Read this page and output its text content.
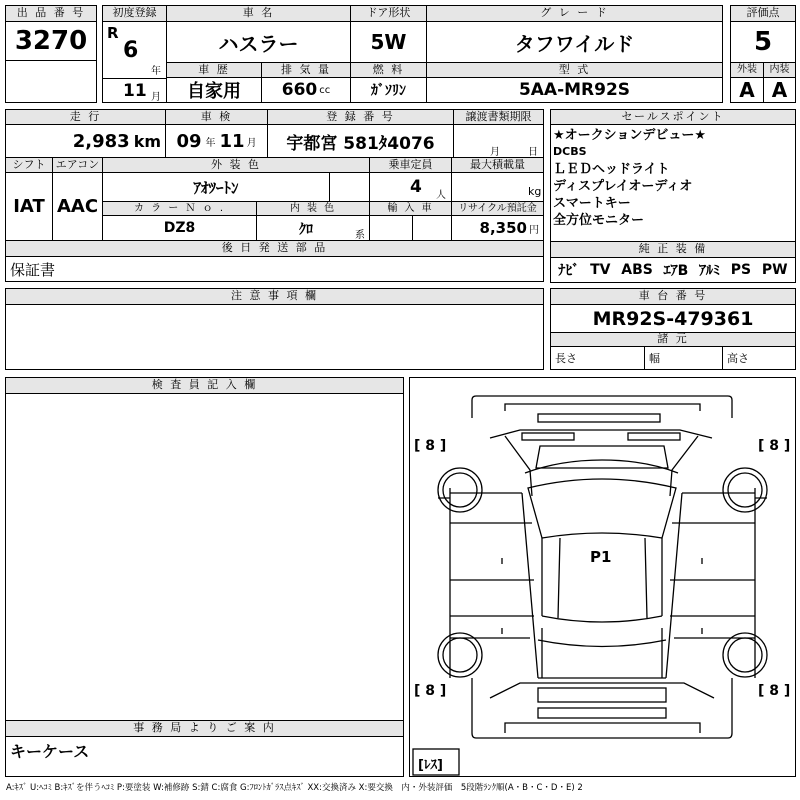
出 品 番 号
3270
初度登録
R
6
年
11 月
車 名
ハスラー
ドア形状
5W
グ レ ー ド
タフワイルド
評価点
5
車 歴
自家用
排 気 量
660 cc
燃 料
ｶﾞｿﾘﾝ
型 式
5AA-MR92S
外装
A
内装
A
走 行
2,983 km
車 検
09 年 11 月
登 録 番 号
宇都宮 581ﾀ4076
譲渡書類期限
月	日
シフト
IAT
エアコン
AAC
外 装 色
ｱｵﾂｰﾄﾝ
乗車定員
4 人
最大積載量
kg
カ ラ ー Ｎ ｏ .
DZ8
内 装 色
ｸﾛ	系
輸 入 車	リサイクル預託金
8,350 円
後 日 発 送 部 品
保証書
セールスポイント
★オークションデビュー★
DCBS
ＬＥＤヘッドライト
ディスプレイオーディオ
スマートキー
全方位モニター
純 正 装 備
ﾅﾋﾞ TV ABS ｴｱB ｱﾙﾐ PS PW
注 意 事 項 欄	車 台 番 号
MR92S-479361
諸 元
長さ	幅	高さ
検 査 員 記 入 欄
事 務 局 よ り ご 案 内
キーケース
[ 8 ]	[ 8 ]
[ 8 ]	[ 8 ]
[ﾚｽ]
P1
A:ｷｽﾞ U:ﾍｺﾐ B:ｷｽﾞを伴うﾍｺﾐ P:要塗装 W:補修跡 S:錆 C:腐食 G:ﾌﾛﾝﾄｶﾞﾗｽ点ｷｽﾞ XX:交換済み X:要交換　内・外装評価　5段階ﾗﾝｸ順(A・B・C・D・E) 2
